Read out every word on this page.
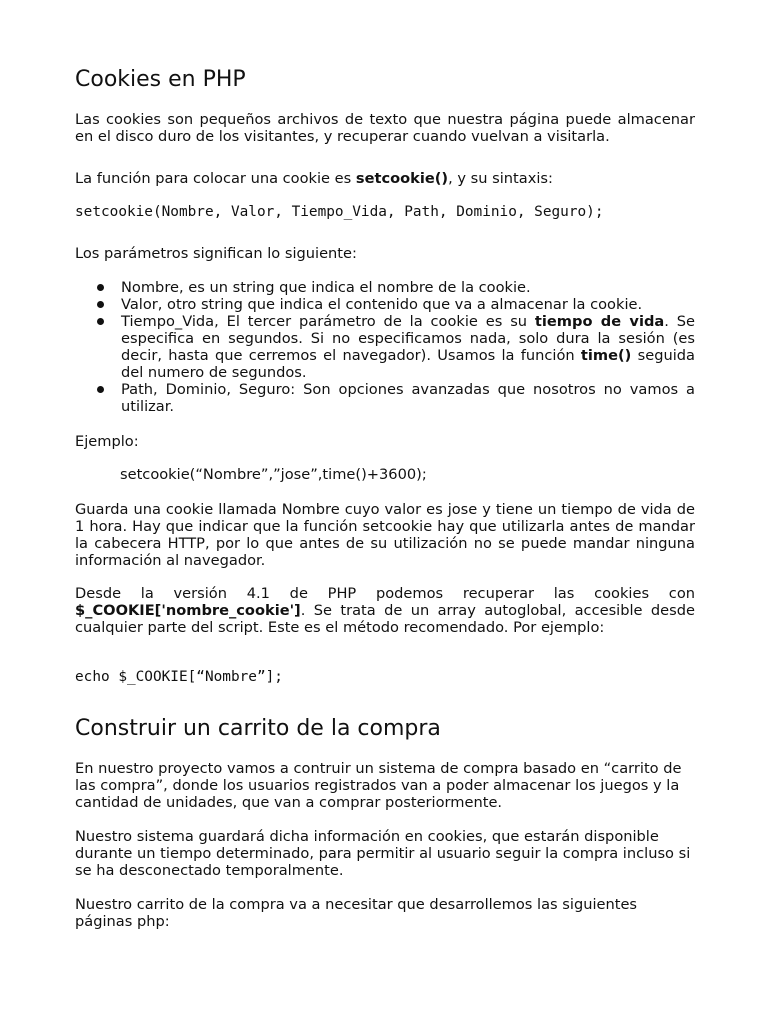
Cookies en PHP

Las cookies son pequeños archivos de texto que nuestra página puede almacenar en el disco duro de los visitantes, y recuperar cuando vuelvan a visitarla.

La función para colocar una cookie es setcookie(), y su sintaxis:

setcookie(Nombre, Valor, Tiempo_Vida, Path, Dominio, Seguro);

Los parámetros significan lo siguiente:

Nombre, es un string que indica el nombre de la cookie.
Valor, otro string que indica el contenido que va a almacenar la cookie.
Tiempo_Vida, El tercer parámetro de la cookie es su tiempo de vida. Se especifica en segundos. Si no especificamos nada, solo dura la sesión (es decir, hasta que cerremos el navegador). Usamos la función time() seguida del numero de segundos.
Path, Dominio, Seguro: Son opciones avanzadas que nosotros no vamos a utilizar.

Ejemplo:

setcookie(“Nombre”,”jose”,time()+3600);

Guarda una cookie llamada Nombre cuyo valor es jose y tiene un tiempo de vida de 1 hora. Hay que indicar que la función setcookie hay que utilizarla antes de mandar la cabecera HTTP, por lo que antes de su utilización no se puede mandar ninguna información al navegador.

Desde la versión 4.1 de PHP podemos recuperar las cookies con $_COOKIE['nombre_cookie']. Se trata de un array autoglobal, accesible desde cualquier parte del script. Este es el método recomendado. Por ejemplo:

echo $_COOKIE[“Nombre”];
Construir un carrito de la compra

En nuestro proyecto vamos a contruir un sistema de compra basado en “carrito de las compra”, donde los usuarios registrados van a poder almacenar los juegos y la cantidad de unidades, que van a comprar posteriormente.

Nuestro sistema guardará dicha información en cookies, que estarán disponible durante un tiempo determinado, para permitir al usuario seguir la compra incluso si se ha desconectado temporalmente.

Nuestro carrito de la compra va a necesitar que desarrollemos las siguientes páginas php:
